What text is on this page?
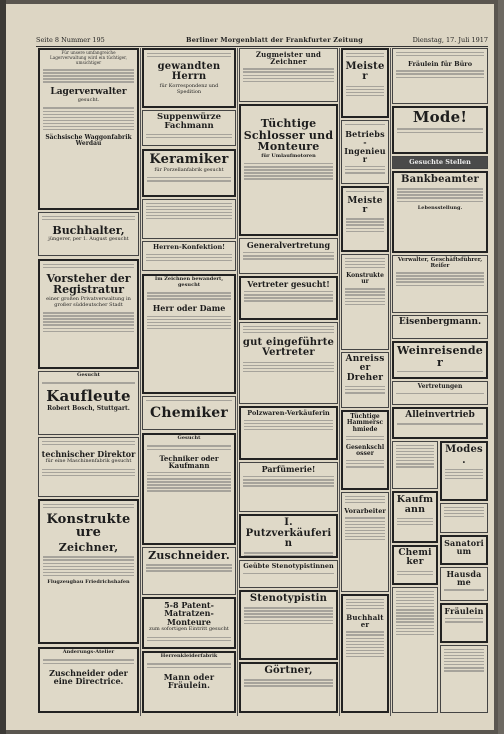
Seite 8 Nummer 195	Berliner Morgenblatt der Frankfurter Zeitung	Dienstag, 17. Juli 1917
Für unsere umfangreiche Lagerverwaltung wird ein tüchtiger, umsichtiger
Lagerverwalter
gesucht.
Sächsische Waggonfabrik Werdau
Buchhalter,
jüngerer, per 1. August gesucht
Vorsteher der Registratur
einer großen Privatverwaltung in großer süddeutscher Stadt
Gesucht
Kaufleute
Robert Bosch, Stuttgart.
technischer Direktor
für eine Maschinenfabrik gesucht
Konstrukteure
Zeichner,
Flugzeugbau Friedrichshafen
Änderungs-Atelier
Zuschneider oder eine Directrice.
gewandten Herrn
für Korrespondenz und Spedition
Suppenwürze Fachmann
Keramiker
für Porzellanfabrik gesucht
Herren-Konfektion!
Im Zeichnen bewandert, gesucht
Herr oder Dame
Chemiker
Gesucht
Techniker oder Kaufmann
Zuschneider.
5-8 Patent-Matratzen-Monteure
zum sofortigen Eintritt gesucht
Herrenkleiderfabrik
Mann oder Fräulein.
Zugmeister und Zeichner
Tüchtige Schlosser und Monteure
für Umlaufmotoren
Generalvertretung
Vertreter gesucht!
gut eingeführte Vertreter
Polzwaren-Verkäuferin
Parfümerie!
I. Putzverkäuferin
Geübte Stenotypistinnen
Stenotypistin
Görtner,
Meister
Betriebs-Ingenieur
Meister
Konstrukteur
Anreisser Dreher
Tüchtige Hammerschmiede
Gesenkschlosser
Vorarbeiter
Buchhalter
Fräulein für Büro
Mode!
Gesuchte Stellen
Bankbeamter
Lebensstellung.
Verwalter, Geschäftsführer, Reiſer
Eisenbergmann.
Weinreisender
Vertretungen
Alleinvertrieb
Modes.
Kaufmann
Chemiker
Sanatorium
Hausdame
Fräulein
